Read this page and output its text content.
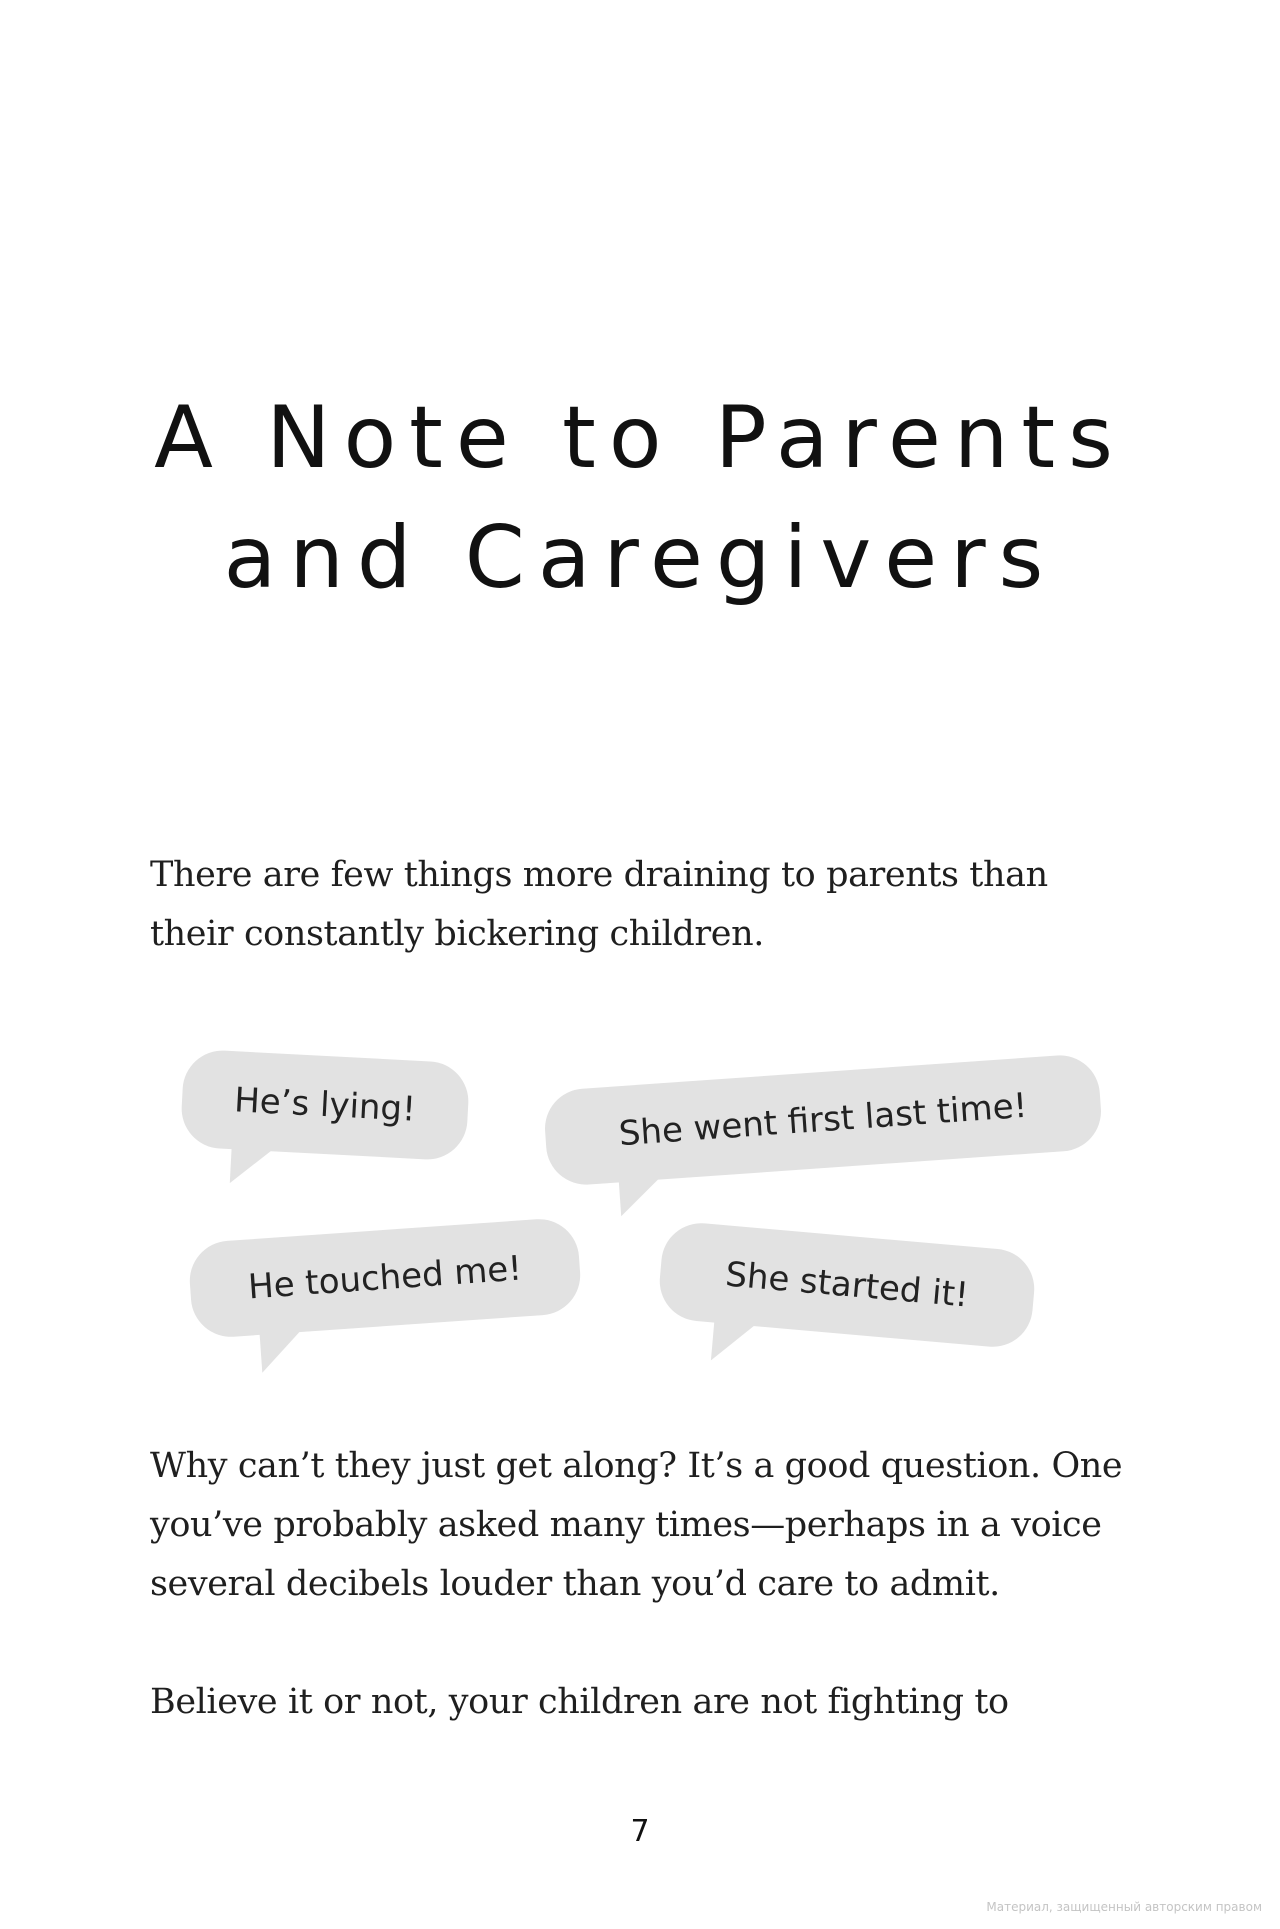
A Note to Parents
and Caregivers

There are few things more draining to parents than

their constantly bickering children.

He’s lying!	She went first last time!
He touched me!	She started it!

Why can’t they just get along? It’s a good question. One

you’ve probably asked many times—perhaps in a voice

several decibels louder than you’d care to admit.

Believe it or not, your children are not fighting to

7

Материал, защищенный авторским правом
